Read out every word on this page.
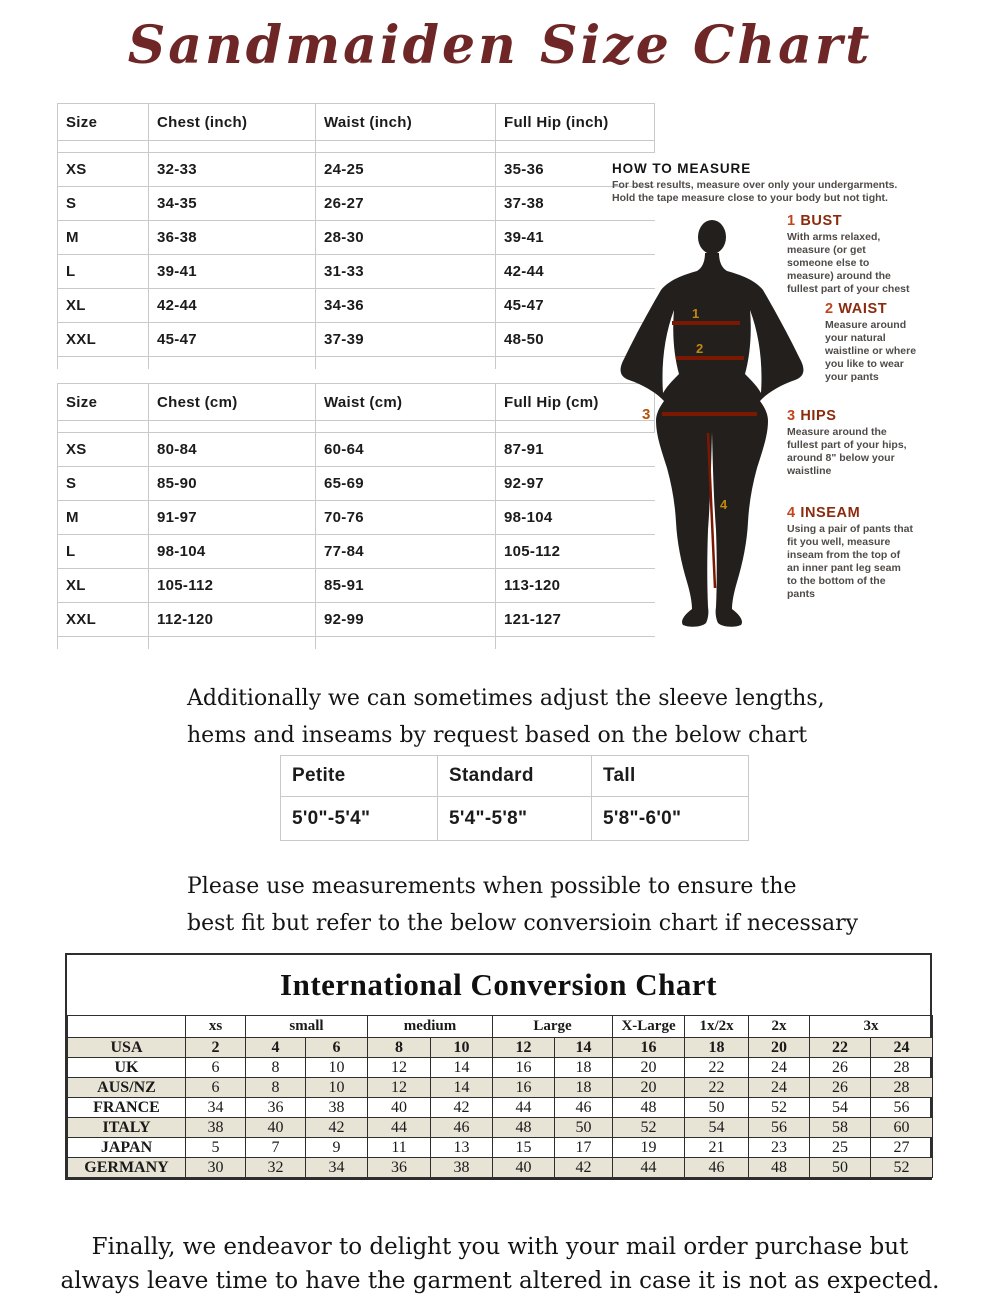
Sandmaiden Size Chart
Size	Chest (inch)	Waist (inch)	Full Hip (inch)
XS	32-33	24-25	35-36
S	34-35	26-27	37-38
M	36-38	28-30	39-41
L	39-41	31-33	42-44
XL	42-44	34-36	45-47
XXL	45-47	37-39	48-50
Size	Chest (cm)	Waist (cm)	Full Hip (cm)
XS	80-84	60-64	87-91
S	85-90	65-69	92-97
M	91-97	70-76	98-104
L	98-104	77-84	105-112
XL	105-112	85-91	113-120
XXL	112-120	92-99	121-127
HOW TO MEASURE
For best results, measure over only your undergarments.
Hold the tape measure close to your body but not tight.
1
2
3
4
1 BUST
With arms relaxed,
measure (or get
someone else to
measure) around the
fullest part of your chest
2 WAIST
Measure around
your natural
waistline or where
you like to wear
your pants
3 HIPS
Measure around the
fullest part of your hips,
around 8" below your
waistline
4 INSEAM
Using a pair of pants that
fit you well, measure
inseam from the top of
an inner pant leg seam
to the bottom of the
pants
Additionally we can sometimes adjust the sleeve lengths,
hems and inseams by request based on the below chart
Petite	Standard	Tall
5'0"-5'4"	5'4"-5'8"	5'8"-6'0"
Please use measurements when possible to ensure the
best fit but refer to the below conversioin chart if necessary
International Conversion Chart
	xs	small		medium		Large		X-Large	1x/2x	2x	3x	
USA	2	4	6	8	10	12	14	16	18	20	22	24
UK	6	8	10	12	14	16	18	20	22	24	26	28
AUS/NZ	6	8	10	12	14	16	18	20	22	24	26	28
FRANCE	34	36	38	40	42	44	46	48	50	52	54	56
ITALY	38	40	42	44	46	48	50	52	54	56	58	60
JAPAN	5	7	9	11	13	15	17	19	21	23	25	27
GERMANY	30	32	34	36	38	40	42	44	46	48	50	52
Finally, we endeavor to delight you with your mail order purchase but
always leave time to have the garment altered in case it is not as expected.
